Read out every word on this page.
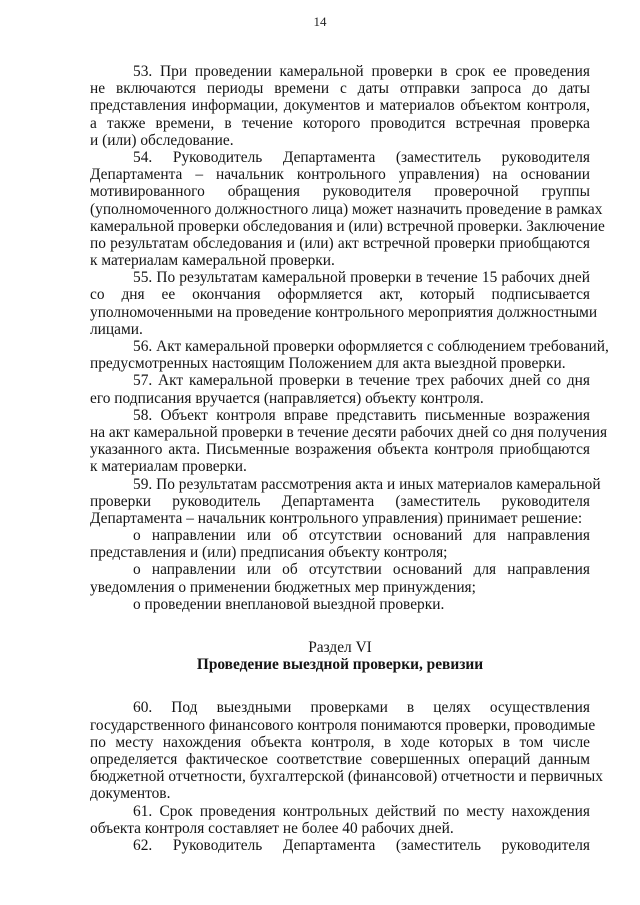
14
53. При проведении камеральной проверки в срок ее проведения
не включаются периоды времени с даты отправки запроса до даты
представления информации, документов и материалов объектом контроля,
а также времени, в течение которого проводится встречная проверка
и (или) обследование.
54. Руководитель Департамента (заместитель руководителя
Департамента – начальник контрольного управления) на основании
мотивированного обращения руководителя проверочной группы
(уполномоченного должностного лица) может назначить проведение в рамках
камеральной проверки обследования и (или) встречной проверки. Заключение
по результатам обследования и (или) акт встречной проверки приобщаются
к материалам камеральной проверки.
55. По результатам камеральной проверки в течение 15 рабочих дней
со дня ее окончания оформляется акт, который подписывается
уполномоченными на проведение контрольного мероприятия должностными
лицами.
56. Акт камеральной проверки оформляется с соблюдением требований,
предусмотренных настоящим Положением для акта выездной проверки.
57. Акт камеральной проверки в течение трех рабочих дней со дня
его подписания вручается (направляется) объекту контроля.
58. Объект контроля вправе представить письменные возражения
на акт камеральной проверки в течение десяти рабочих дней со дня получения
указанного акта. Письменные возражения объекта контроля приобщаются
к материалам проверки.
59. По результатам рассмотрения акта и иных материалов камеральной
проверки руководитель Департамента (заместитель руководителя
Департамента – начальник контрольного управления) принимает решение:
о направлении или об отсутствии оснований для направления
представления и (или) предписания объекту контроля;
о направлении или об отсутствии оснований для направления
уведомления о применении бюджетных мер принуждения;
о проведении внеплановой выездной проверки.
Раздел VI
Проведение выездной проверки, ревизии
60. Под выездными проверками в целях осуществления
государственного финансового контроля понимаются проверки, проводимые
по месту нахождения объекта контроля, в ходе которых в том числе
определяется фактическое соответствие совершенных операций данным
бюджетной отчетности, бухгалтерской (финансовой) отчетности и первичных
документов.
61. Срок проведения контрольных действий по месту нахождения
объекта контроля составляет не более 40 рабочих дней.
62. Руководитель Департамента (заместитель руководителя
